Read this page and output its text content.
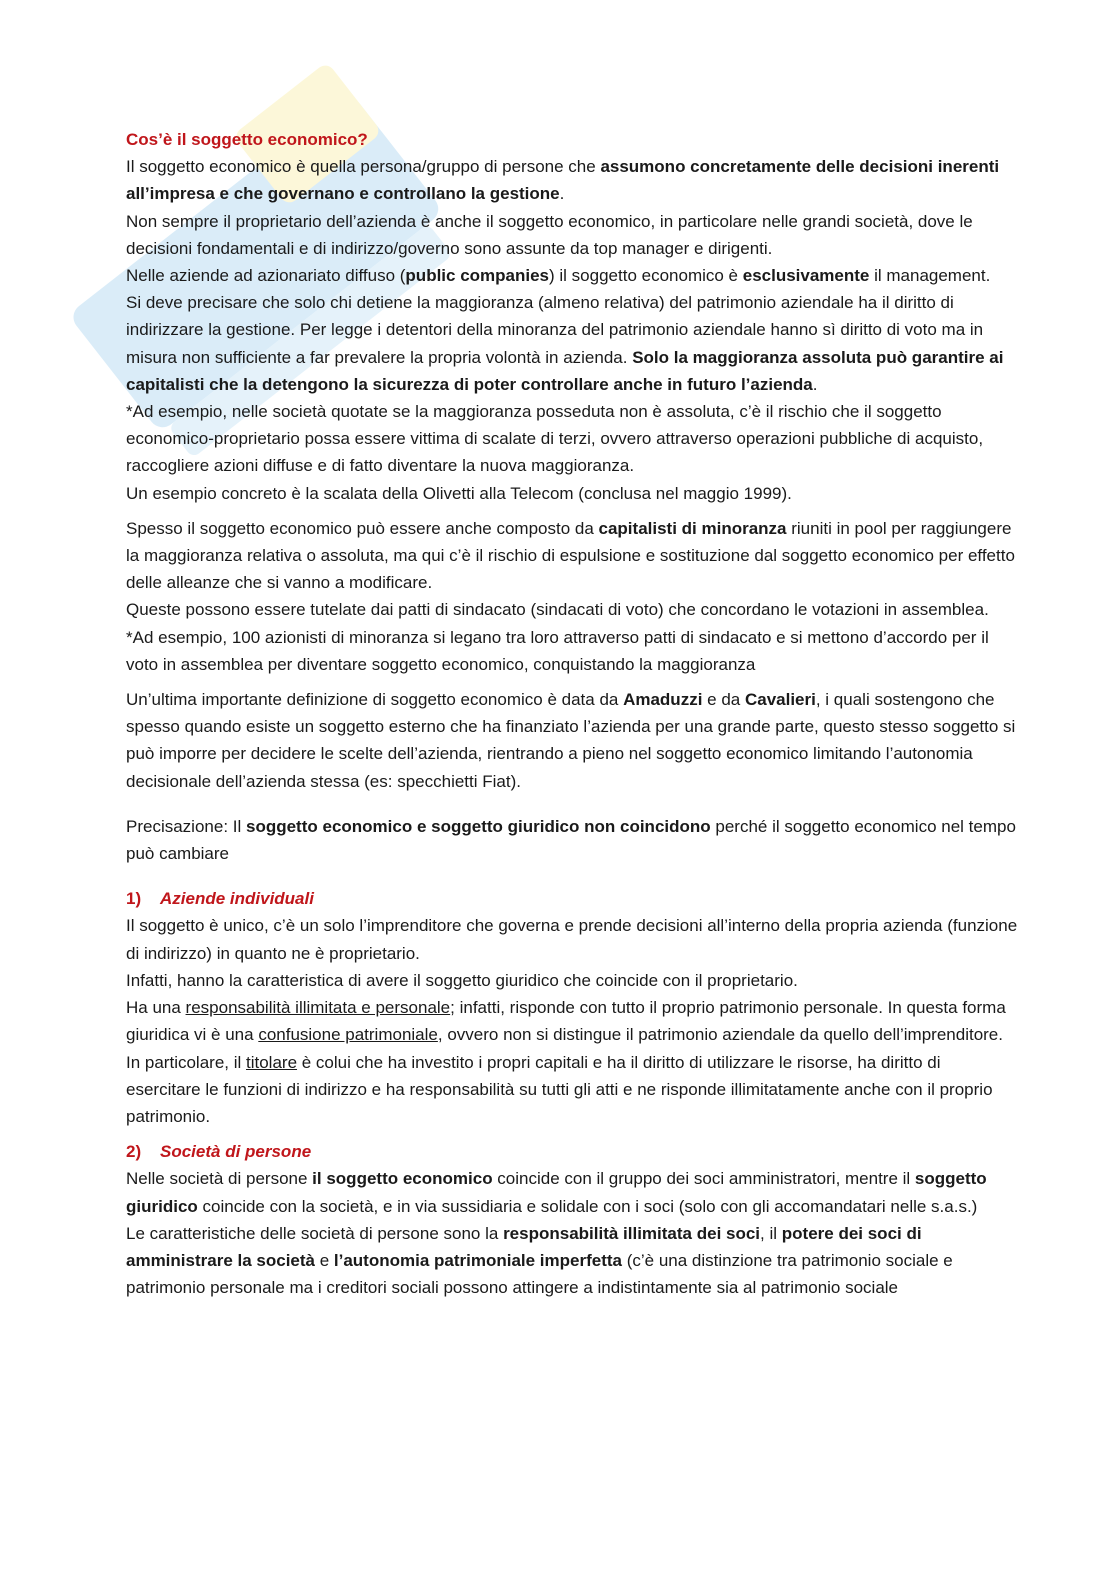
Cos’è il soggetto economico?

Il soggetto economico è quella persona/gruppo di persone che assumono concretamente delle decisioni inerenti all’impresa e che governano e controllano la gestione.

Non sempre il proprietario dell’azienda è anche il soggetto economico, in particolare nelle grandi società, dove le decisioni fondamentali e di indirizzo/governo sono assunte da top manager e dirigenti.

Nelle aziende ad azionariato diffuso (public companies) il soggetto economico è esclusivamente il management.

Si deve precisare che solo chi detiene la maggioranza (almeno relativa) del patrimonio aziendale ha il diritto di indirizzare la gestione. Per legge i detentori della minoranza del patrimonio aziendale hanno sì diritto di voto ma in misura non sufficiente a far prevalere la propria volontà in azienda. Solo la maggioranza assoluta può garantire ai capitalisti che la detengono la sicurezza di poter controllare anche in futuro l’azienda.

*Ad esempio, nelle società quotate se la maggioranza posseduta non è assoluta, c’è il rischio che il soggetto economico-proprietario possa essere vittima di scalate di terzi, ovvero attraverso operazioni pubbliche di acquisto, raccogliere azioni diffuse e di fatto diventare la nuova maggioranza.

Un esempio concreto è la scalata della Olivetti alla Telecom (conclusa nel maggio 1999).

Spesso il soggetto economico può essere anche composto da capitalisti di minoranza riuniti in pool per raggiungere la maggioranza relativa o assoluta, ma qui c’è il rischio di espulsione e sostituzione dal soggetto economico per effetto delle alleanze che si vanno a modificare.

Queste possono essere tutelate dai patti di sindacato (sindacati di voto) che concordano le votazioni in assemblea.

*Ad esempio, 100 azionisti di minoranza si legano tra loro attraverso patti di sindacato e si mettono d’accordo per il voto in assemblea per diventare soggetto economico, conquistando la maggioranza

Un’ultima importante definizione di soggetto economico è data da Amaduzzi e da Cavalieri, i quali sostengono che spesso quando esiste un soggetto esterno che ha finanziato l’azienda per una grande parte, questo stesso soggetto si può imporre per decidere le scelte dell’azienda, rientrando a pieno nel soggetto economico limitando l’autonomia decisionale dell’azienda stessa (es: specchietti Fiat).

Precisazione: Il soggetto economico e soggetto giuridico non coincidono perché il soggetto economico nel tempo può cambiare

1) Aziende individuali

Il soggetto è unico, c’è un solo l’imprenditore che governa e prende decisioni all’interno della propria azienda (funzione di indirizzo) in quanto ne è proprietario.

Infatti, hanno la caratteristica di avere il soggetto giuridico che coincide con il proprietario.

Ha una responsabilità illimitata e personale; infatti, risponde con tutto il proprio patrimonio personale. In questa forma giuridica vi è una confusione patrimoniale, ovvero non si distingue il patrimonio aziendale da quello dell’imprenditore.

In particolare, il titolare è colui che ha investito i propri capitali e ha il diritto di utilizzare le risorse, ha diritto di esercitare le funzioni di indirizzo e ha responsabilità su tutti gli atti e ne risponde illimitatamente anche con il proprio patrimonio.

2) Società di persone

Nelle società di persone il soggetto economico coincide con il gruppo dei soci amministratori, mentre il soggetto giuridico coincide con la società, e in via sussidiaria e solidale con i soci (solo con gli accomandatari nelle s.a.s.)

Le caratteristiche delle società di persone sono la responsabilità illimitata dei soci, il potere dei soci di amministrare la società e l’autonomia patrimoniale imperfetta (c’è una distinzione tra patrimonio sociale e patrimonio personale ma i creditori sociali possono attingere a indistintamente sia al patrimonio sociale
